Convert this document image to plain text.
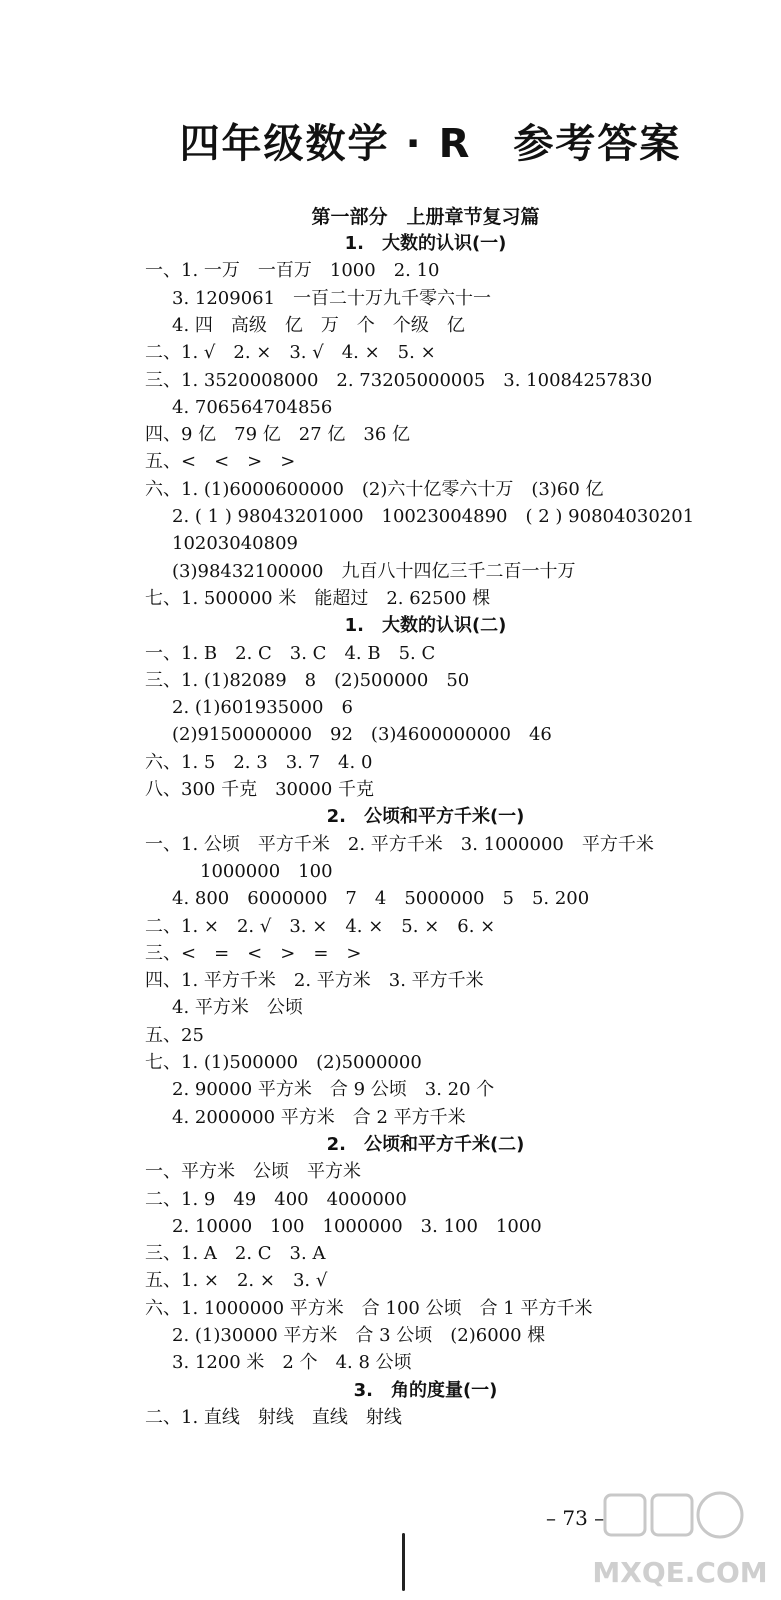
四年级数学 · R　参考答案
第一部分　上册章节复习篇
1.　大数的认识(一)
一、1. 一万　一百万　1000　2. 10
3. 1209061　一百二十万九千零六十一
4. 四　高级　亿　万　个　个级　亿
二、1. √　2. ×　3. √　4. ×　5. ×
三、1. 3520008000　2. 73205000005　3. 10084257830
4. 706564704856
四、9 亿　79 亿　27 亿　36 亿
五、<　<　>　>
六、1. (1)6000600000　(2)六十亿零六十万　(3)60 亿
2. ( 1 ) 98043201000　10023004890　( 2 ) 90804030201
10203040809
(3)98432100000　九百八十四亿三千二百一十万
七、1. 500000 米　能超过　2. 62500 棵
1.　大数的认识(二)
一、1. B　2. C　3. C　4. B　5. C
三、1. (1)82089　8　(2)500000　50
2. (1)601935000　6
(2)9150000000　92　(3)4600000000　46
六、1. 5　2. 3　3. 7　4. 0
八、300 千克　30000 千克
2.　公顷和平方千米(一)
一、1. 公顷　平方千米　2. 平方千米　3. 1000000　平方千米
1000000　100
4. 800　6000000　7　4　5000000　5　5. 200
二、1. ×　2. √　3. ×　4. ×　5. ×　6. ×
三、<　=　<　>　=　>
四、1. 平方千米　2. 平方米　3. 平方千米
4. 平方米　公顷
五、25
七、1. (1)500000　(2)5000000
2. 90000 平方米　合 9 公顷　3. 20 个
4. 2000000 平方米　合 2 平方千米
2.　公顷和平方千米(二)
一、平方米　公顷　平方米
二、1. 9　49　400　4000000
2. 10000　100　1000000　3. 100　1000
三、1. A　2. C　3. A
五、1. ×　2. ×　3. √
六、1. 1000000 平方米　合 100 公顷　合 1 平方千米
2. (1)30000 平方米　合 3 公顷　(2)6000 棵
3. 1200 米　2 个　4. 8 公顷
3.　角的度量(一)
二、1. 直线　射线　直线　射线
– 73 –
MXQE.COM
